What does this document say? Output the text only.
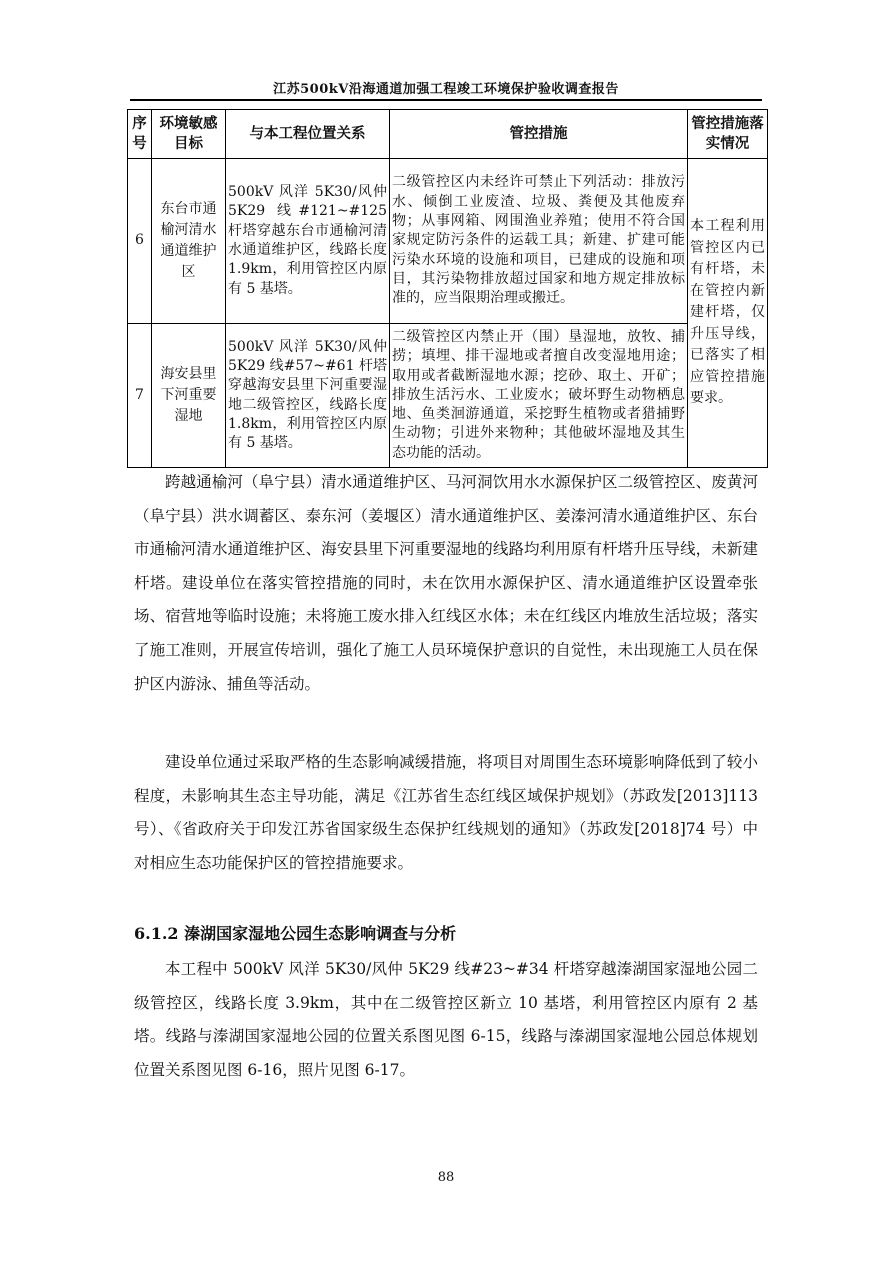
江苏500kV沿海通道加强工程竣工环境保护验收调查报告
序号	环境敏感目标	与本工程位置关系	管控措施	管控措施落实情况
6	东台市通榆河清水通道维护区	500kV 风洋 5K30/风仲 5K29 线#121~#125 杆塔穿越东台市通榆河清水通道维护区，线路长度 1.9km，利用管控区内原有 5 基塔。	二级管控区内未经许可禁止下列活动：排放污水、倾倒工业废渣、垃圾、粪便及其他废弃物；从事网箱、网围渔业养殖；使用不符合国家规定防污条件的运载工具；新建、扩建可能污染水环境的设施和项目，已建成的设施和项目，其污染物排放超过国家和地方规定排放标准的，应当限期治理或搬迁。	本工程利用管控区内已有杆塔，未在管控内新建杆塔，仅升压导线，已落实了相应管控措施要求。
7	海安县里下河重要湿地	500kV 风洋 5K30/风仲 5K29 线#57~#61 杆塔穿越海安县里下河重要湿地二级管控区，线路长度 1.8km，利用管控区内原有 5 基塔。	二级管控区内禁止开（围）垦湿地，放牧、捕捞；填埋、排干湿地或者擅自改变湿地用途；取用或者截断湿地水源；挖砂、取土、开矿；排放生活污水、工业废水；破坏野生动物栖息地、鱼类洄游通道，采挖野生植物或者猎捕野生动物；引进外来物种；其他破坏湿地及其生态功能的活动。	

跨越通榆河（阜宁县）清水通道维护区、马河洞饮用水水源保护区二级管控区、废黄河（阜宁县）洪水调蓄区、泰东河（姜堰区）清水通道维护区、姜溱河清水通道维护区、东台市通榆河清水通道维护区、海安县里下河重要湿地的线路均利用原有杆塔升压导线，未新建杆塔。建设单位在落实管控措施的同时，未在饮用水源保护区、清水通道维护区设置牵张场、宿营地等临时设施；未将施工废水排入红线区水体；未在红线区内堆放生活垃圾；落实了施工准则，开展宣传培训，强化了施工人员环境保护意识的自觉性，未出现施工人员在保护区内游泳、捕鱼等活动。

建设单位通过采取严格的生态影响减缓措施，将项目对周围生态环境影响降低到了较小程度，未影响其生态主导功能，满足《江苏省生态红线区域保护规划》（苏政发[2013]113 号）、《省政府关于印发江苏省国家级生态保护红线规划的通知》（苏政发[2018]74 号）中对相应生态功能保护区的管控措施要求。

6.1.2 溱湖国家湿地公园生态影响调查与分析

本工程中 500kV 风洋 5K30/风仲 5K29 线#23~#34 杆塔穿越溱湖国家湿地公园二级管控区，线路长度 3.9km，其中在二级管控区新立 10 基塔，利用管控区内原有 2 基塔。线路与溱湖国家湿地公园的位置关系图见图 6-15，线路与溱湖国家湿地公园总体规划位置关系图见图 6-16，照片见图 6-17。

88
